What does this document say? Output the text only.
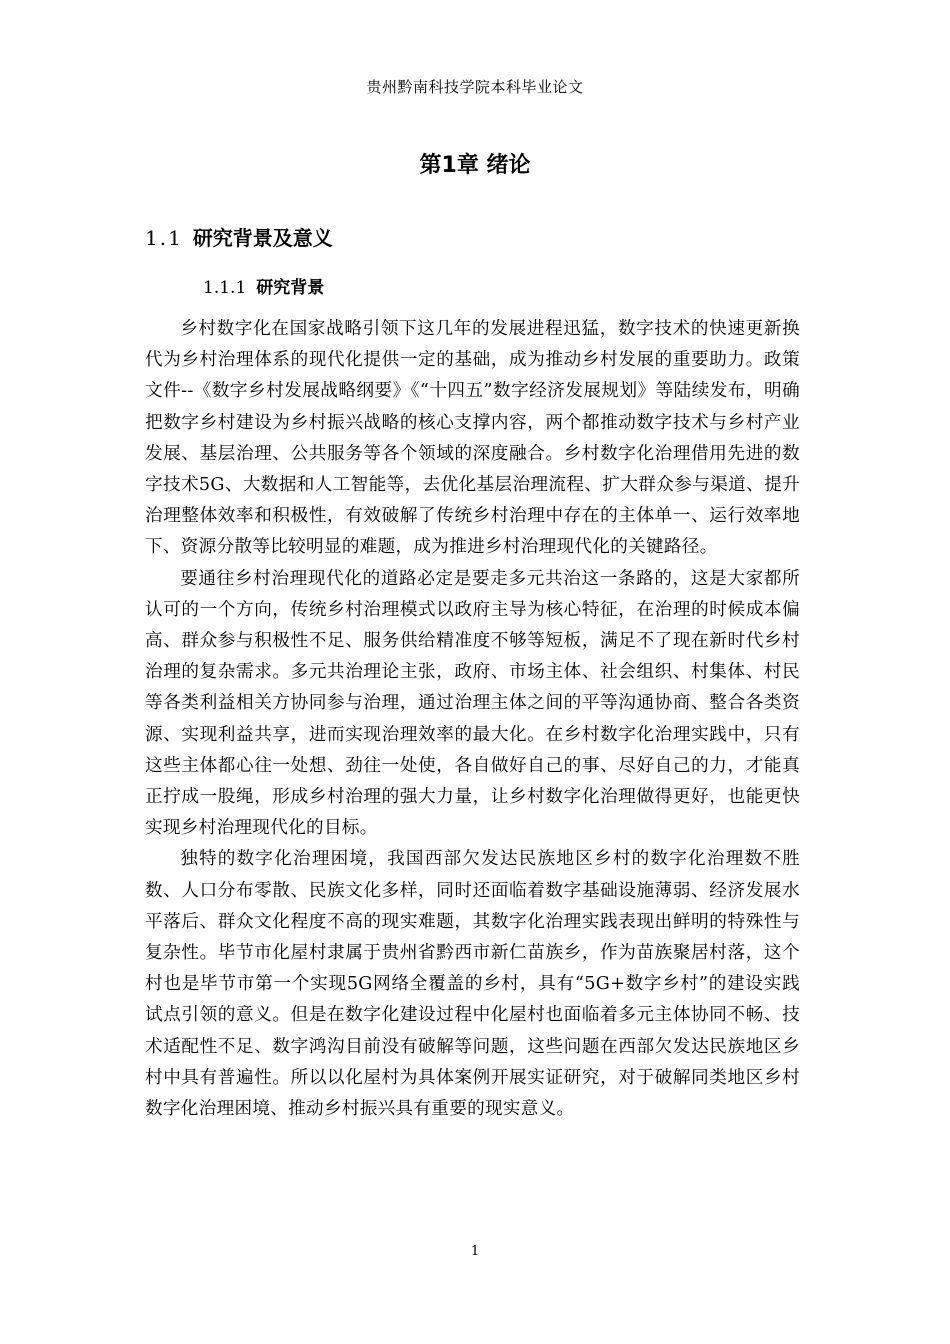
贵州黔南科技学院本科毕业论文
第1章 绪论
1.1 研究背景及意义
1.1.1 研究背景

乡村数字化在国家战略引领下这几年的发展进程迅猛，数字技术的快速更新换代为乡村治理体系的现代化提供一定的基础，成为推动乡村发展的重要助力。政策文件--《数字乡村发展战略纲要》《“十四五”数字经济发展规划》等陆续发布，明确把数字乡村建设为乡村振兴战略的核心支撑内容，两个都推动数字技术与乡村产业发展、基层治理、公共服务等各个领域的深度融合。乡村数字化治理借用先进的数字技术5G、大数据和人工智能等，去优化基层治理流程、扩大群众参与渠道、提升治理整体效率和积极性，有效破解了传统乡村治理中存在的主体单一、运行效率地下、资源分散等比较明显的难题，成为推进乡村治理现代化的关键路径。

要通往乡村治理现代化的道路必定是要走多元共治这一条路的，这是大家都所认可的一个方向，传统乡村治理模式以政府主导为核心特征，在治理的时候成本偏高、群众参与积极性不足、服务供给精准度不够等短板，满足不了现在新时代乡村治理的复杂需求。多元共治理论主张，政府、市场主体、社会组织、村集体、村民等各类利益相关方协同参与治理，通过治理主体之间的平等沟通协商、整合各类资源、实现利益共享，进而实现治理效率的最大化。在乡村数字化治理实践中，只有这些主体都心往一处想、劲往一处使，各自做好自己的事、尽好自己的力，才能真正拧成一股绳，形成乡村治理的强大力量，让乡村数字化治理做得更好，也能更快实现乡村治理现代化的目标。

独特的数字化治理困境，我国西部欠发达民族地区乡村的数字化治理数不胜数、人口分布零散、民族文化多样，同时还面临着数字基础设施薄弱、经济发展水平落后、群众文化程度不高的现实难题，其数字化治理实践表现出鲜明的特殊性与复杂性。毕节市化屋村隶属于贵州省黔西市新仁苗族乡，作为苗族聚居村落，这个村也是毕节市第一个实现5G网络全覆盖的乡村，具有“5G+数字乡村”的建设实践试点引领的意义。但是在数字化建设过程中化屋村也面临着多元主体协同不畅、技术适配性不足、数字鸿沟目前没有破解等问题，这些问题在西部欠发达民族地区乡村中具有普遍性。所以以化屋村为具体案例开展实证研究，对于破解同类地区乡村数字化治理困境、推动乡村振兴具有重要的现实意义。

1
